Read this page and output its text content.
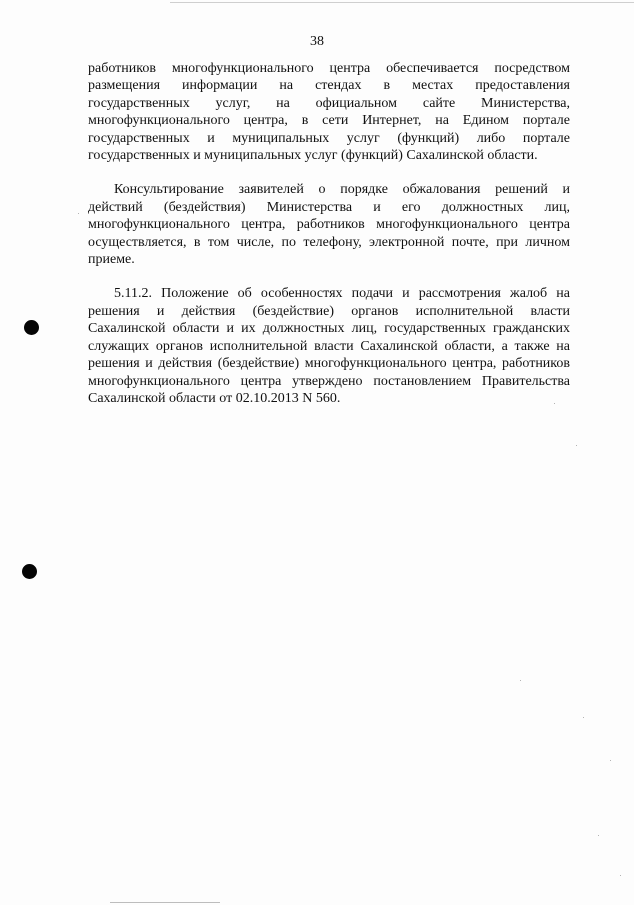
38

работников многофункционального центра обеспечивается посредством
размещения информации на стендах в местах предоставления
государственных услуг, на официальном сайте Министерства,
многофункционального центра, в сети Интернет, на Едином портале
государственных и муниципальных услуг (функций) либо портале
государственных и муниципальных услуг (функций) Сахалинской области.

Консультирование заявителей о порядке обжалования решений и
действий (бездействия) Министерства и его должностных лиц,
многофункционального центра, работников многофункционального центра
осуществляется, в том числе, по телефону, электронной почте, при личном
приеме.

5.11.2. Положение об особенностях подачи и рассмотрения жалоб на
решения и действия (бездействие) органов исполнительной власти
Сахалинской области и их должностных лиц, государственных гражданских
служащих органов исполнительной власти Сахалинской области, а также на
решения и действия (бездействие) многофункционального центра, работников
многофункционального центра утверждено постановлением Правительства
Сахалинской области от 02.10.2013 N 560.
